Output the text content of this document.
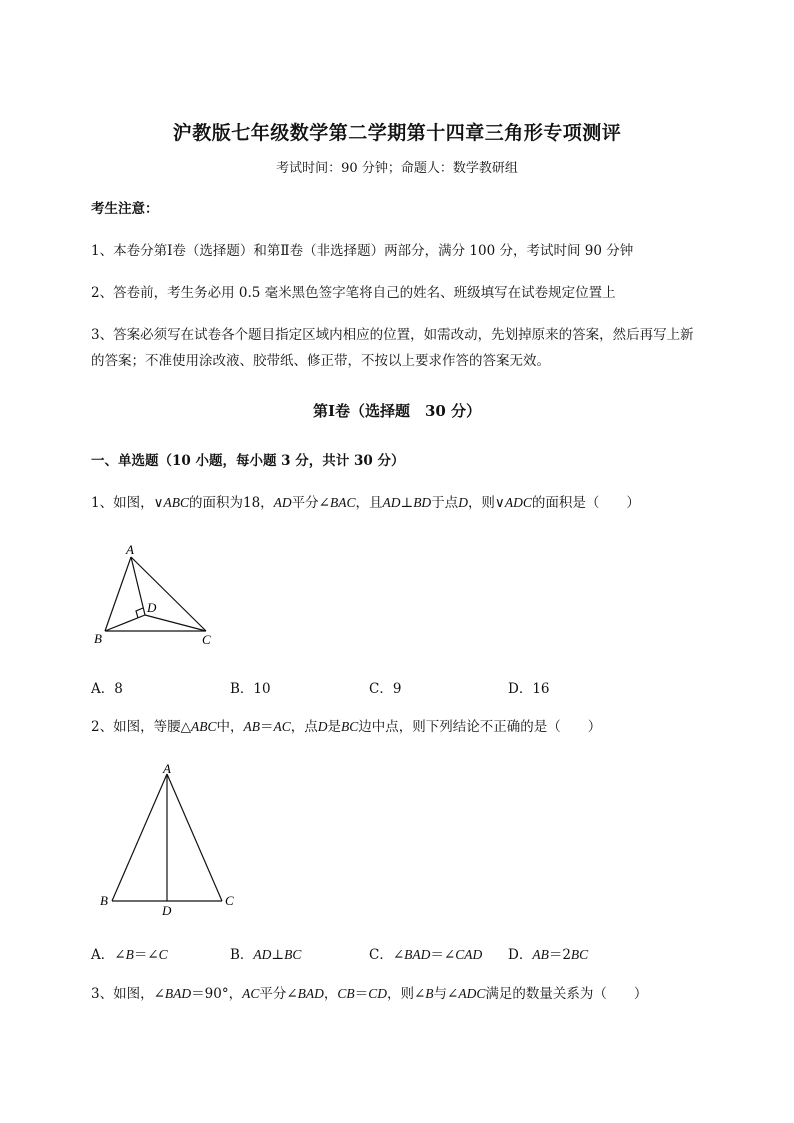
沪教版七年级数学第二学期第十四章三角形专项测评
考试时间：90 分钟；命题人：数学教研组
考生注意：
1、本卷分第Ⅰ卷（选择题）和第Ⅱ卷（非选择题）两部分，满分 100 分，考试时间 90 分钟
2、答卷前，考生务必用 0.5 毫米黑色签字笔将自己的姓名、班级填写在试卷规定位置上
3、答案必须写在试卷各个题目指定区域内相应的位置，如需改动，先划掉原来的答案，然后再写上新
的答案；不准使用涂改液、胶带纸、修正带，不按以上要求作答的答案无效。
第Ⅰ卷（选择题　30 分）
一、单选题（10 小题，每小题 3 分，共计 30 分）
1、如图，∨ABC的面积为18，AD平分∠BAC，且AD⊥BD于点D，则∨ADC的面积是（　　）
A
B	C
D
A．8	B．10	C．9	D．16
2、如图，等腰△ABC中，AB＝AC，点D是BC边中点，则下列结论不正确的是（　　）
A
B	C
D
A．∠B＝∠C	B．AD⊥BC	C．∠BAD＝∠CAD D．AB＝2BC
3、如图，∠BAD＝90°，AC平分∠BAD，CB＝CD，则∠B与∠ADC满足的数量关系为（　　）
